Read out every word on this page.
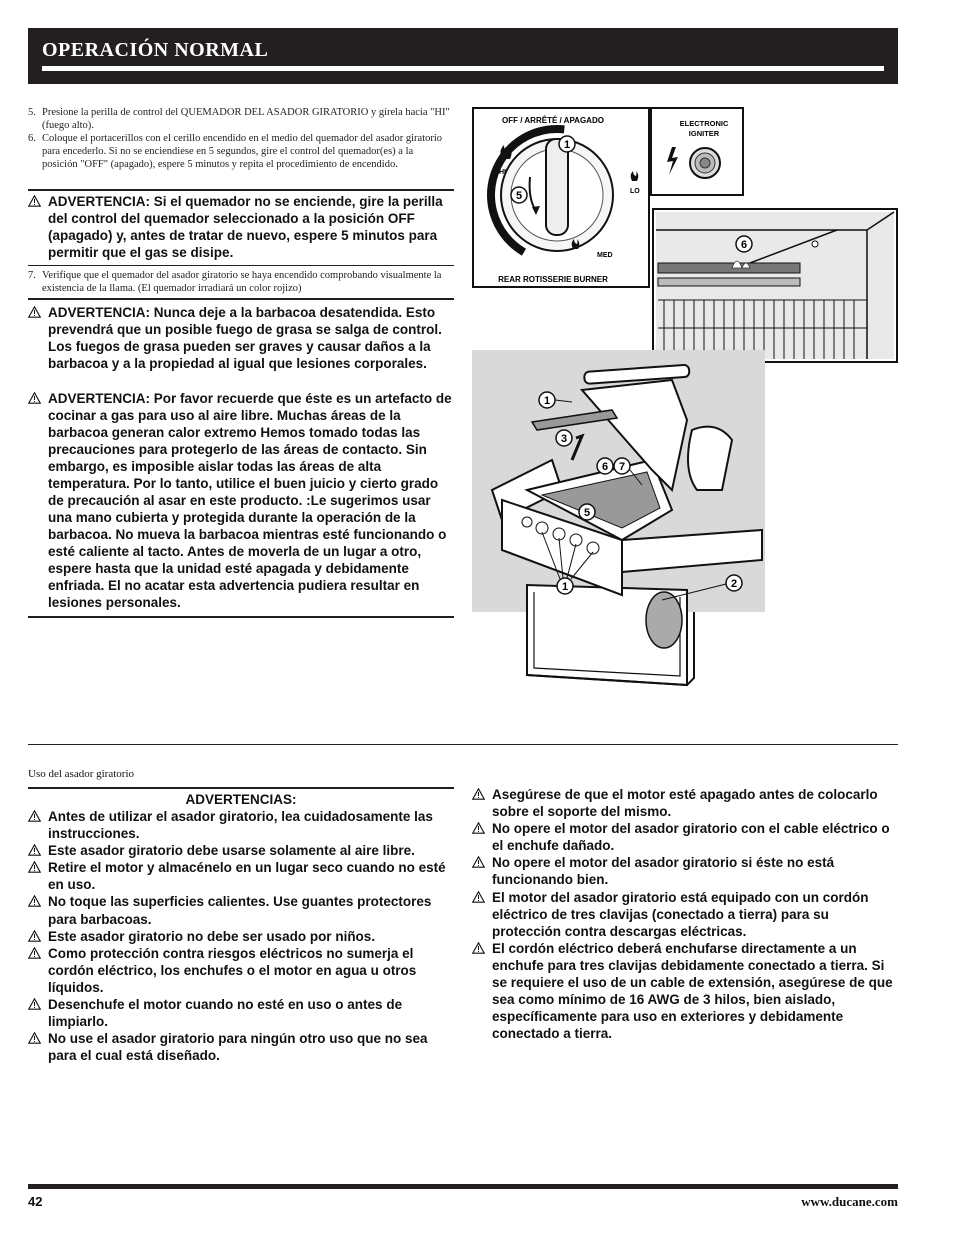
OPERACIÓN NORMAL
5. Presione la perilla de control del QUEMADOR DEL ASADOR GIRATORIO y gírela hacia "HI" (fuego alto).
6. Coloque el portacerillos con el cerillo encendido en el medio del quemador del asador giratorio para encederlo. Si no se enciendiese en 5 segundos, gire el control del quemador(es) a la posición "OFF" (apagado), espere 5 minutos y repita el procedimiento de encendido.
ADVERTENCIA: Si el quemador no se enciende, gire la perilla del control del quemador seleccionado a la posición OFF (apagado) y, antes de tratar de nuevo, espere 5 minutos para permitir que el gas se disipe.
7. Verifique que el quemador del asador giratorio se haya encendido comprobando visualmente la existencia de la llama. (El quemador irradiará un color rojizo)
ADVERTENCIA: Nunca deje a la barbacoa desatendida. Esto prevendrá que un posible fuego de grasa se salga de control. Los fuegos de grasa pueden ser graves y causar daños a la barbacoa y a la propiedad al igual que lesiones corporales.
ADVERTENCIA: Por favor recuerde que éste es un artefacto de cocinar a gas para uso al aire libre. Muchas áreas de la barbacoa generan calor extremo Hemos tomado todas las precauciones para protegerlo de las áreas de contacto. Sin embargo, es imposible aislar todas las áreas de alta temperatura. Por lo tanto, utilice el buen juicio y cierto grado de precaución al asar en este producto. :Le sugerimos usar una mano cubierta y protegida durante la operación de la barbacoa. No mueva la barbacoa mientras esté funcionando o esté caliente al tacto. Antes de moverla de un lugar a otro, espere hasta que la unidad esté apagada y debidamente enfriada. El no acatar esta advertencia pudiera resultar en lesiones personales.
OFF / ARRÊTÉ / APAGADO
HI
LO
MED
1
5
REAR ROTISSERIE BURNER
ELECTRONIC
IGNITER
6
1
3
6 7
5
1	2
Uso del asador giratorio
ADVERTENCIAS:
Antes de utilizar el asador giratorio, lea cuidadosamente las instrucciones.
Este asador giratorio debe usarse solamente al aire libre.
Retire el motor y almacénelo en un lugar seco cuando no esté en uso.
No toque las superficies calientes. Use guantes protectores para barbacoas.
Este asador giratorio no debe ser usado por niños.
Como protección contra riesgos eléctricos no sumerja el cordón eléctrico, los enchufes o el motor en agua u otros líquidos.
Desenchufe el motor cuando no esté en uso o antes de limpiarlo.
No use el asador giratorio para ningún otro uso que no sea para el cual está diseñado.
Asegúrese de que el motor esté apagado antes de colocarlo sobre el soporte del mismo.
No opere el motor del asador giratorio con el cable eléctrico o el enchufe dañado.
No opere el motor del asador giratorio si éste no está funcionando bien.
El motor del asador giratorio está equipado con un cordón eléctrico de tres clavijas (conectado a tierra) para su protección contra descargas eléctricas.
El cordón eléctrico deberá enchufarse directamente a un enchufe para tres clavijas debidamente conectado a tierra. Si se requiere el uso de un cable de extensión, asegúrese de que sea como mínimo de 16 AWG de 3 hilos, bien aislado, específicamente para uso en exteriores y debidamente conectado a tierra.
42	www.ducane.com
